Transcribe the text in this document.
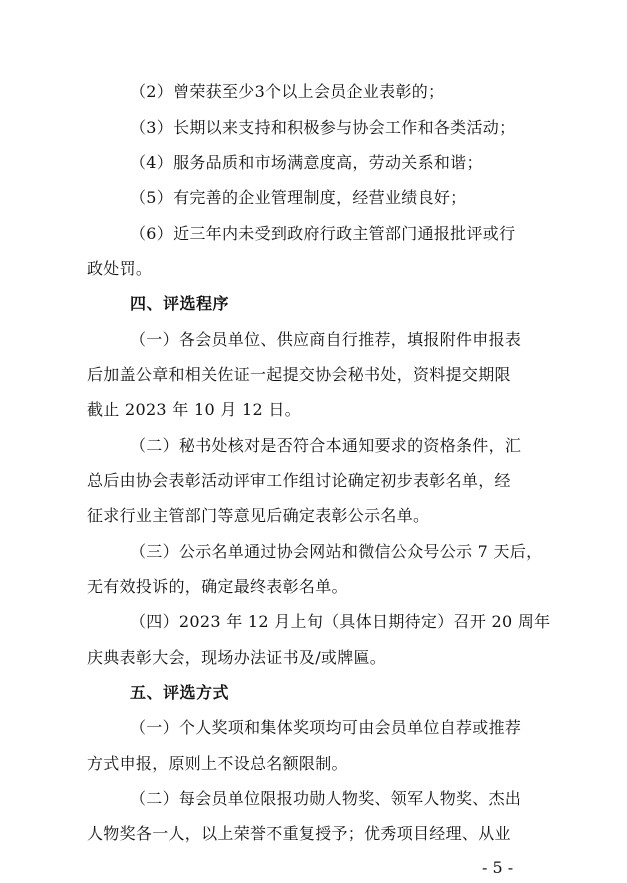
（2）曾荣获至少3个以上会员企业表彰的；
（3）长期以来支持和积极参与协会工作和各类活动；
（4）服务品质和市场满意度高，劳动关系和谐；
（5）有完善的企业管理制度，经营业绩良好；
（6）近三年内未受到政府行政主管部门通报批评或行
政处罚。
四、评选程序
（一）各会员单位、供应商自行推荐，填报附件申报表
后加盖公章和相关佐证一起提交协会秘书处，资料提交期限
截止 2023 年 10 月 12 日。
（二）秘书处核对是否符合本通知要求的资格条件，汇
总后由协会表彰活动评审工作组讨论确定初步表彰名单，经
征求行业主管部门等意见后确定表彰公示名单。
（三）公示名单通过协会网站和微信公众号公示 7 天后，
无有效投诉的，确定最终表彰名单。
（四）2023 年 12 月上旬（具体日期待定）召开 20 周年
庆典表彰大会，现场办法证书及/或牌匾。
五、评选方式
（一）个人奖项和集体奖项均可由会员单位自荐或推荐
方式申报，原则上不设总名额限制。
（二）每会员单位限报功勋人物奖、领军人物奖、杰出
人物奖各一人，以上荣誉不重复授予；优秀项目经理、从业
- 5 -
